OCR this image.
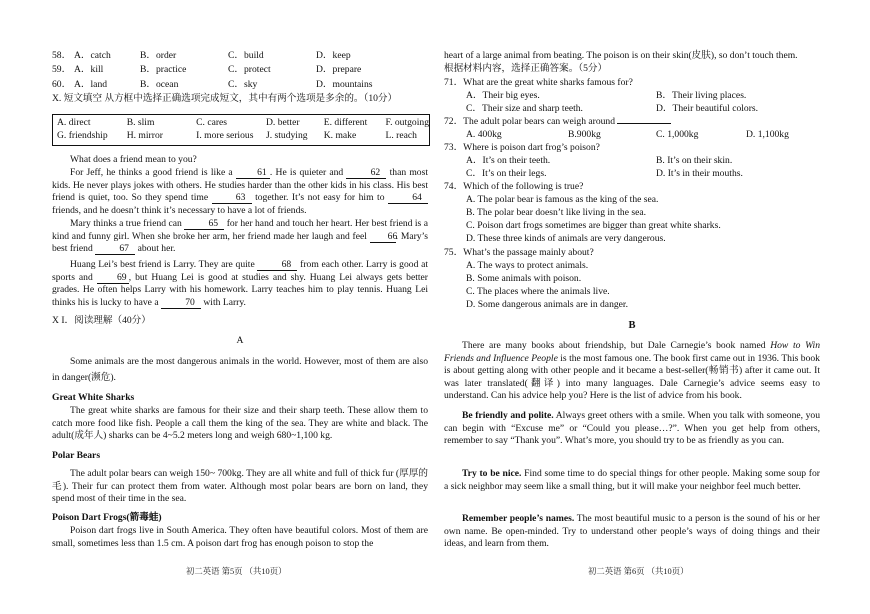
58． A．catch	B．order	C．build	D．keep
59． A．kill	B．practice	C．protect	D．prepare
60． A．land	B．ocean	C．sky	D．mountains
X. 短文填空 从方框中选择正确选项完成短文，其中有两个选项是多余的。（10分）
A. direct	B. slim	C. cares	D. better	E. different	F. outgoing
G. friendship	H. mirror	I. more serious	J. studying	K. make	L. reach
What does a friend mean to you?
For Jeff, he thinks a good friend is like a 61 . He is quieter and	62 than most kids. He never plays jokes with others. He studies harder than the other kids in his class. His best friend is quiet, too. So they spend time	63 together. It’s not easy for him to	64 friends, and he doesn’t think it’s necessary to have a lot of friends.
Mary thinks a true friend can	65 for her hand and touch her heart. Her best friend is a kind and funny girl. When she broke her arm, her friend made her laugh and feel 66. Mary’s best friend	67 about her.
Huang Lei’s best friend is Larry. They are quite	68 from each other. Larry is good at sports and 69 , but Huang Lei is good at studies and shy. Huang Lei always gets better grades. He often helps Larry with his homework. Larry teaches him to play tennis. Huang Lei thinks his is lucky to have a	70 with Larry.
X I．阅读理解（40分）
A
Some animals are the most dangerous animals in the world. However, most of them are also in danger(濒危).
Great White Sharks
The great white sharks are famous for their size and their sharp teeth. These allow them to catch more food like fish. People a call them the king of the sea. They are white and black. The adult(成年人) sharks can be 4~5.2 meters long and weigh 680~1,100 kg.
Polar Bears
The adult polar bears can weigh 150~ 700kg. They are all white and full of thick fur (厚厚的毛). Their fur can protect them from water. Although most polar bears are born on land, they spend most of their time in the sea.
Poison Dart Frogs(箭毒蛙)
Poison dart frogs live in South America. They often have beautiful colors. Most of them are small, sometimes less than 1.5 cm. A poison dart frog has enough poison to stop the
初二英语 第5页 （共10页）
heart of a large animal from beating. The poison is on their skin(皮肤), so don’t touch them.
根据材料内容，选择正确答案。（5分）
71．What are the great white sharks famous for?
A．Their big eyes.	B．Their living places.
C．Their size and sharp teeth.	D．Their beautiful colors.
72．The adult polar bears can weigh around
A. 400kg	B.900kg	C. 1,000kg	D. 1,100kg
73．Where is poison dart frog’s poison?
A．It’s on their teeth.	B. It’s on their skin.
C．It’s on their legs.	D. It’s in their mouths.
74．Which of the following is true?
A. The polar bear is famous as the king of the sea.
B. The polar bear doesn’t like living in the sea.
C. Poison dart frogs sometimes are bigger than great white sharks.
D. These three kinds of animals are very dangerous.
75．What’s the passage mainly about?
A. The ways to protect animals.
B. Some animals with poison.
C. The places where the animals live.
D. Some dangerous animals are in danger.
B
There are many books about friendship, but Dale Carnegie’s book named How to Win Friends and Influence People is the most famous one. The book first came out in 1936. This book is about getting along with other people and it became a best-seller(畅销书) after it came out. It was later translated(翻译) into many languages. Dale Carnegie’s advice seems easy to understand. Can his advice help you? Here is the list of advice from his book.
Be friendly and polite. Always greet others with a smile. When you talk with someone, you can begin with “Excuse me” or “Could you please…?”. When you get help from others, remember to say “Thank you”. What’s more, you should try to be as friendly as you can.
Try to be nice. Find some time to do special things for other people. Making some soup for a sick neighbor may seem like a small thing, but it will make your neighbor feel much better.
Remember people’s names. The most beautiful music to a person is the sound of his or her own name. Be open-minded. Try to understand other people’s ways of doing things and their ideas, and learn from them.
初二英语 第6页 （共10页）
